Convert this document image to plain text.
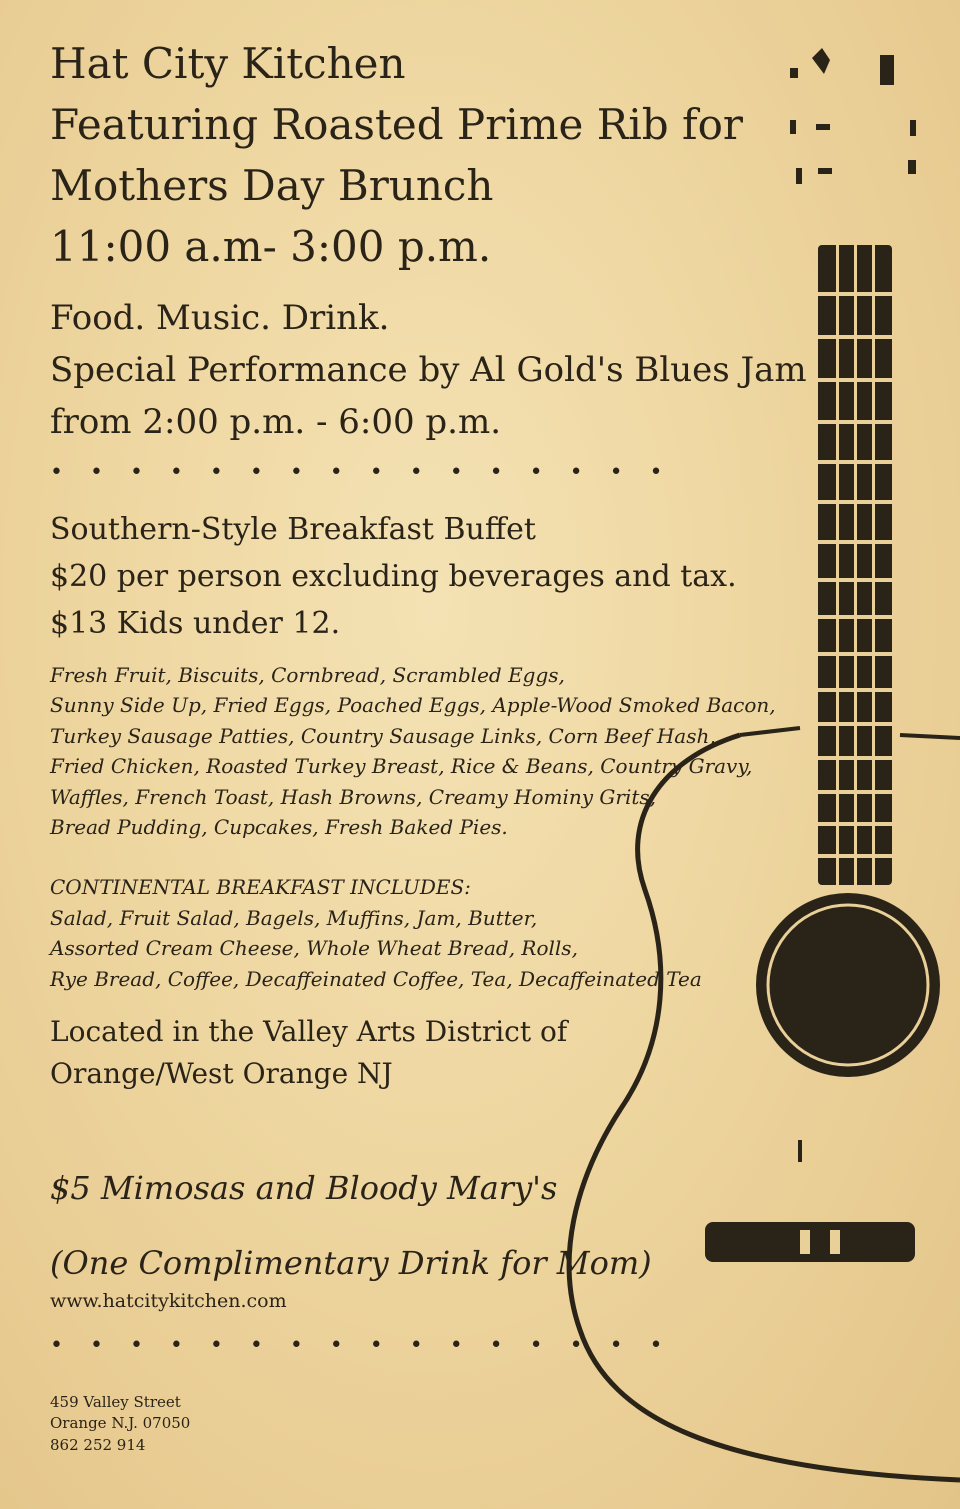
Hat City Kitchen
Featuring Roasted Prime Rib for
Mothers Day Brunch
11:00 a.m- 3:00 p.m.
Food. Music. Drink.
Special Performance by Al Gold's Blues Jam
from 2:00 p.m. - 6:00 p.m.
• • • • • • • • • • • • • • • •
Southern-Style Breakfast Buffet
$20 per person excluding beverages and tax.
$13 Kids under 12.
Fresh Fruit, Biscuits, Cornbread, Scrambled Eggs,
Sunny Side Up, Fried Eggs, Poached Eggs, Apple-Wood Smoked Bacon,
Turkey Sausage Patties, Country Sausage Links, Corn Beef Hash,
Fried Chicken, Roasted Turkey Breast, Rice & Beans, Country Gravy,
Waffles, French Toast, Hash Browns, Creamy Hominy Grits,
Bread Pudding, Cupcakes, Fresh Baked Pies.
CONTINENTAL BREAKFAST INCLUDES:
Salad, Fruit Salad, Bagels, Muffins, Jam, Butter,
Assorted Cream Cheese, Whole Wheat Bread, Rolls,
Rye Bread, Coffee, Decaffeinated Coffee, Tea, Decaffeinated Tea
Located in the Valley Arts District of
Orange/West Orange NJ
$5 Mimosas and Bloody Mary's
(One Complimentary Drink for Mom)
www.hatcitykitchen.com
• • • • • • • • • • • • • • • •
459 Valley Street
Orange N.J. 07050
862 252 914
